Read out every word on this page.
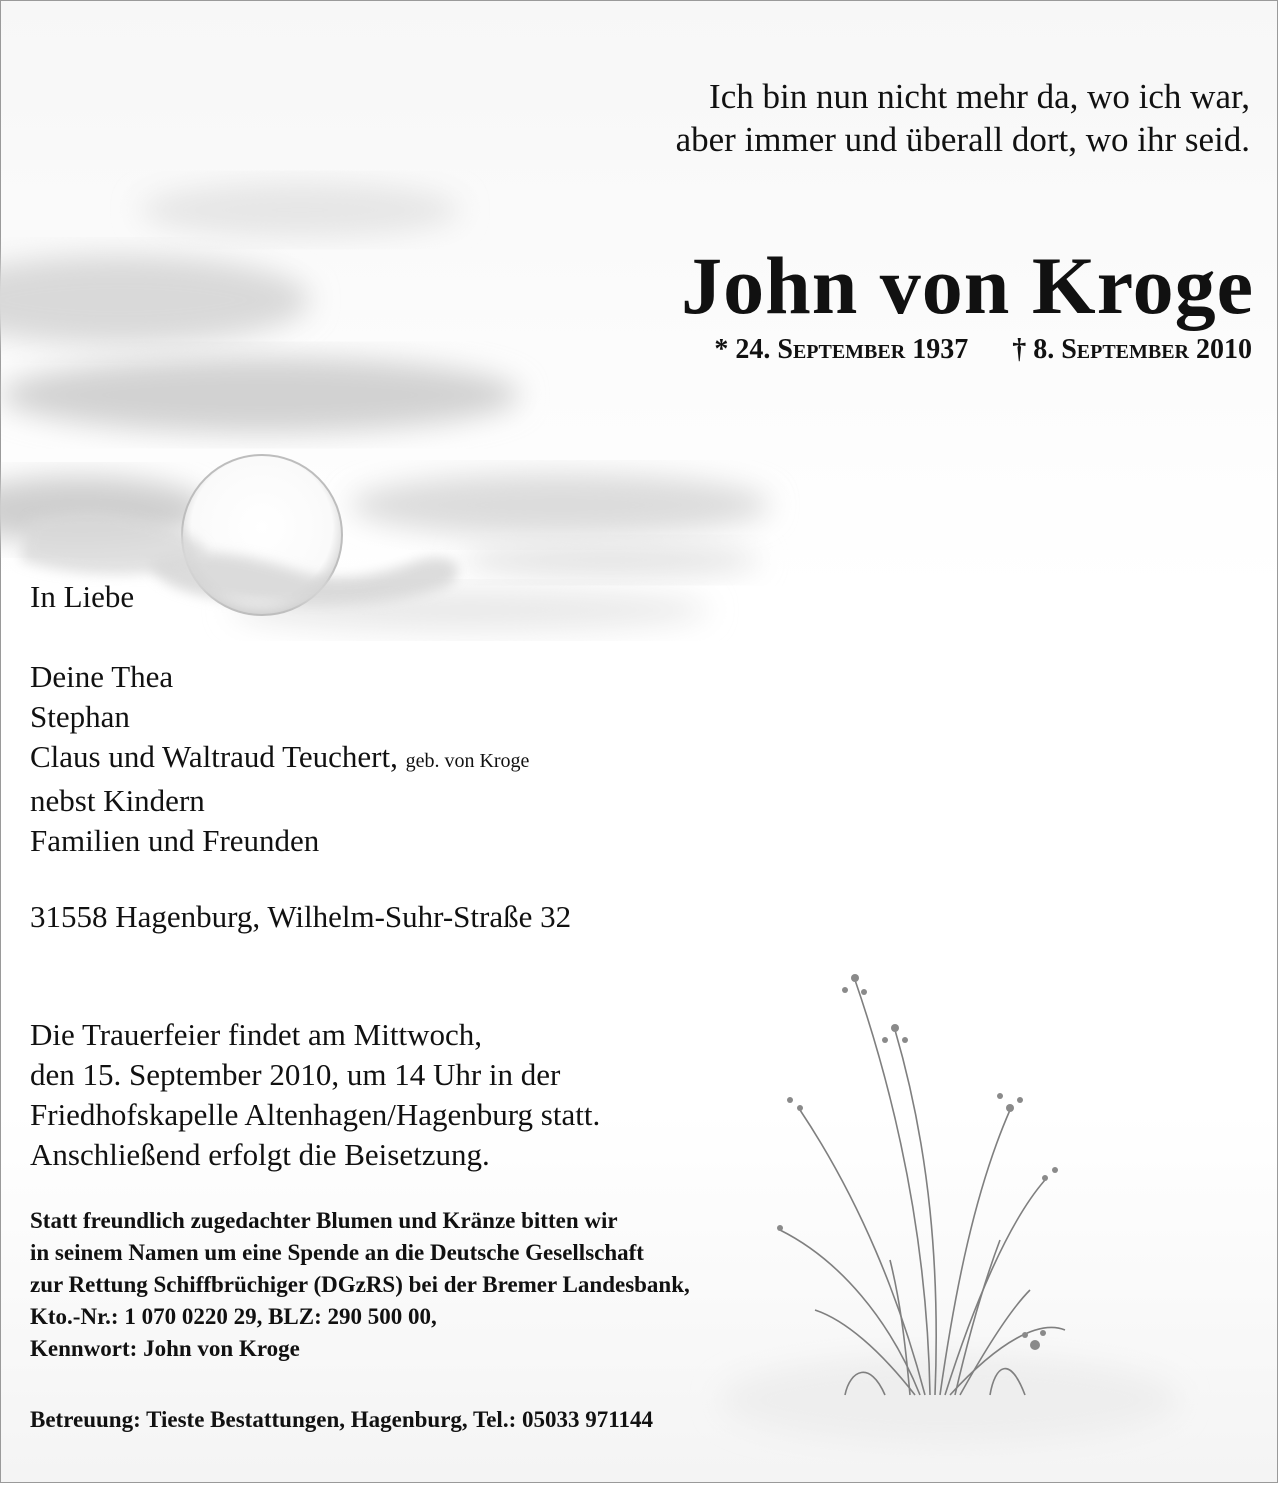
Ich bin nun nicht mehr da, wo ich war,
aber immer und überall dort, wo ihr seid.
John von Kroge
* 24. September 1937 † 8. September 2010
In Liebe
Deine Thea
Stephan
Claus und Waltraud Teuchert, geb. von Kroge
nebst Kindern
Familien und Freunden
31558 Hagenburg, Wilhelm-Suhr-Straße 32
Die Trauerfeier findet am Mittwoch,
den 15. September 2010, um 14 Uhr in der
Friedhofskapelle Altenhagen/Hagenburg statt.
Anschließend erfolgt die Beisetzung.
Statt freundlich zugedachter Blumen und Kränze bitten wir
in seinem Namen um eine Spende an die Deutsche Gesellschaft
zur Rettung Schiffbrüchiger (DGzRS) bei der Bremer Landesbank,
Kto.-Nr.: 1 070 0220 29, BLZ: 290 500 00,
Kennwort: John von Kroge
Betreuung: Tieste Bestattungen, Hagenburg, Tel.: 05033 971144
